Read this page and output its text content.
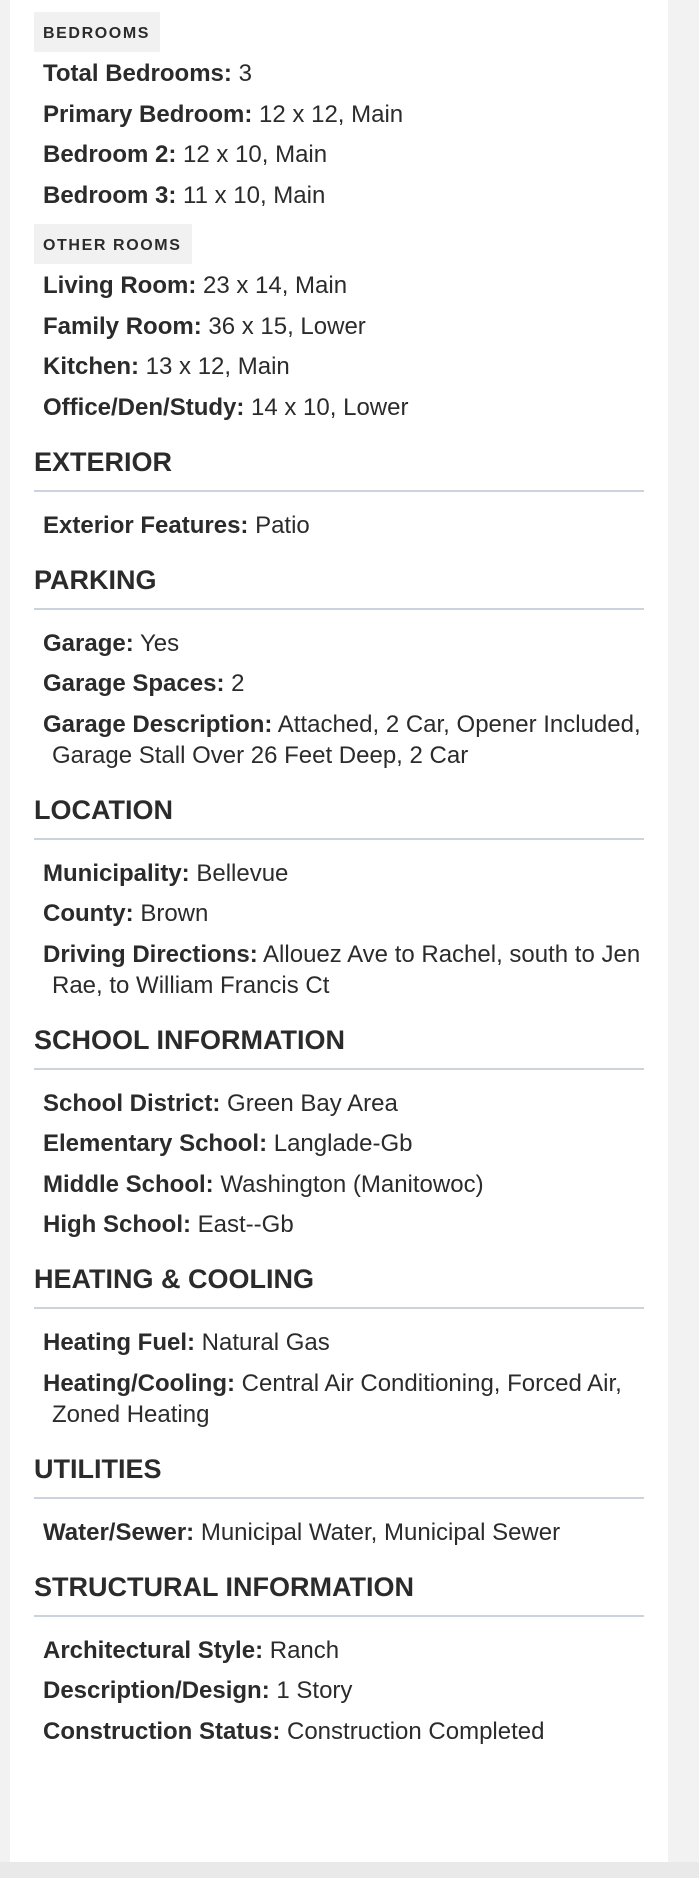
BEDROOMS
Total Bedrooms: 3
Primary Bedroom: 12 x 12, Main
Bedroom 2: 12 x 10, Main
Bedroom 3: 11 x 10, Main
OTHER ROOMS
Living Room: 23 x 14, Main
Family Room: 36 x 15, Lower
Kitchen: 13 x 12, Main
Office/Den/Study: 14 x 10, Lower
EXTERIOR
Exterior Features: Patio
PARKING
Garage: Yes
Garage Spaces: 2
Garage Description: Attached, 2 Car, Opener Included, Garage Stall Over 26 Feet Deep, 2 Car
LOCATION
Municipality: Bellevue
County: Brown
Driving Directions: Allouez Ave to Rachel, south to Jen Rae, to William Francis Ct
SCHOOL INFORMATION
School District: Green Bay Area
Elementary School: Langlade-Gb
Middle School: Washington (Manitowoc)
High School: East--Gb
HEATING & COOLING
Heating Fuel: Natural Gas
Heating/Cooling: Central Air Conditioning, Forced Air, Zoned Heating
UTILITIES
Water/Sewer: Municipal Water, Municipal Sewer
STRUCTURAL INFORMATION
Architectural Style: Ranch
Description/Design: 1 Story
Construction Status: Construction Completed
